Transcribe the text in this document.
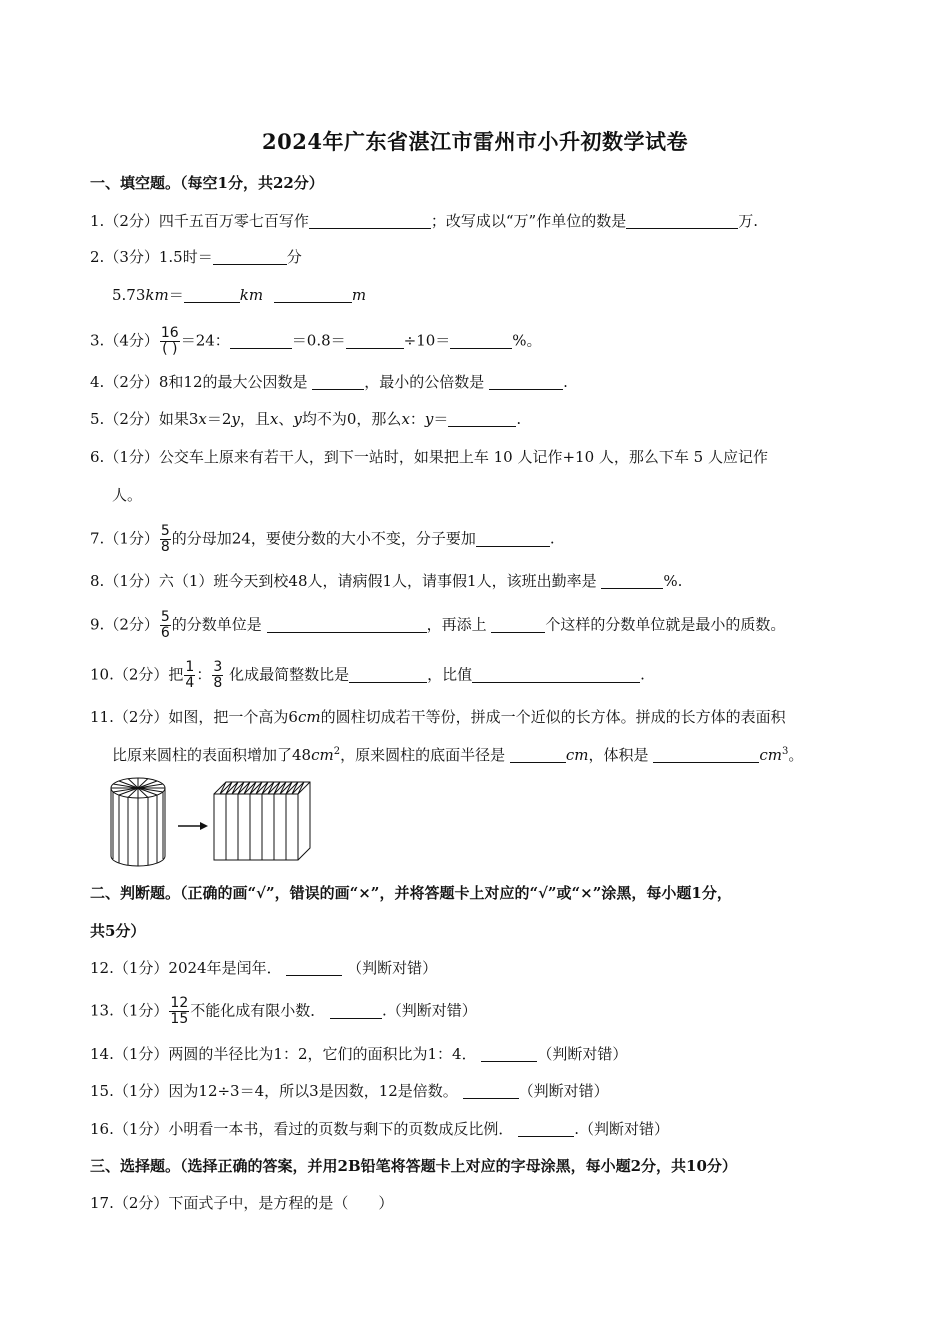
2024年广东省湛江市雷州市小升初数学试卷
一、填空题。（每空1分，共22分）
1.（2分）四千五百万零七百写作	；改写成以“万”作单位的数是	万.
2.（3分）1.5时＝	分
5.73km＝	km	m
3.（4分） $\frac{16}{( )} =24$：	＝0.8＝	÷10＝	%。
4.（2分）8和12的最大公因数是	，最小的公倍数是	.
5.（2分）如果3x＝2y，且x、y均不为0，那么x：y＝	.
6.（1分）公交车上原来有若干人，到下一站时，如果把上车 10 人记作+10 人，那么下车 5 人应记作
人。
7.（1分） $\frac{5}{8}$ 的分母加24，要使分数的大小不变，分子要加	.
8.（1分）六（1）班今天到校48人，请病假1人，请事假1人，该班出勤率是	%.
9.（2分） $\frac{5}{6}$ 的分数单位是	，再添上	个这样的分数单位就是最小的质数。
10.（2分）把 $\frac{1}{4}$ ： $\frac{3}{8}$ 化成最简整数比是	，比值	.
11.（2分）如图，把一个高为6cm的圆柱切成若干等份，拼成一个近似的长方体。拼成的长方体的表面积
比原来圆柱的表面积增加了$48cm^2$，原来圆柱的底面半径是	cm，体积是	$cm^3$。
二、判断题。（正确的画“√”，错误的画“×”，并将答题卡上对应的“√”或“×”涂黑，每小题1分，
共5分）
12.（1分）2024年是闰年．	（判断对错）
13.（1分） $\frac{12}{15}$ 不能化成有限小数．	.（判断对错）
14.（1分）两圆的半径比为1：2，它们的面积比为1：4．	（判断对错）
15.（1分）因为12÷3＝4，所以3是因数，12是倍数。	（判断对错）
16.（1分）小明看一本书，看过的页数与剩下的页数成反比例．	.（判断对错）
三、选择题。（选择正确的答案，并用2B铅笔将答题卡上对应的字母涂黑，每小题2分，共10分）
17.（2分）下面式子中，是方程的是（　　）
